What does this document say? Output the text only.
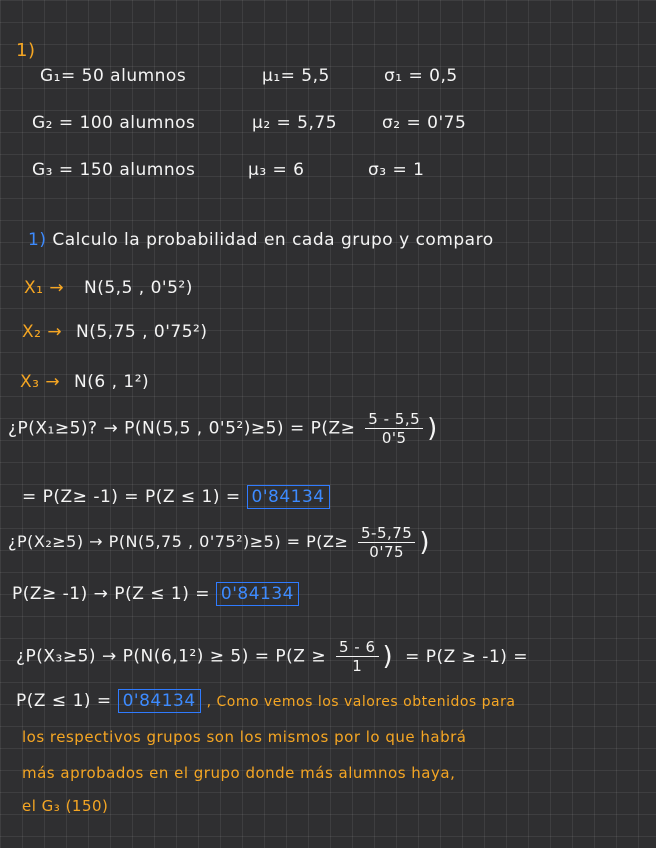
1)
G₁= 50 alumnos	μ₁= 5,5	σ₁ = 0,5
G₂ = 100 alumnos	μ₂ = 5,75	σ₂ = 0'75
G₃ = 150 alumnos	μ₃ = 6	σ₃ = 1
1) Calculo la probabilidad en cada grupo y comparo
X₁ → N(5,5 , 0'5²)
X₂ → N(5,75 , 0'75²)
X₃ → N(6 , 1²)
¿P(X₁≥5)? → P(N(5,5 , $0'5^2)\ge 5) = P(Z\ge \frac{5 - 5,5}{0'5}$ )
= P(Z≥ -1) = P(Z ≤ 1) = 0'84134
¿P(X₂≥5) → P(N(5,75 , $0'75^2)\ge 5) = P(Z\ge \frac{5-5,75}{0'75}$ )
P(Z≥ -1) → P(Z ≤ 1) = 0'84134
¿$P(X_3\ge 5) \to P(N(6,1^2) \ge 5) = P(Z \ge \frac{5 - 6}{1}$ ) = P(Z ≥ -1) =
P(Z ≤ 1) = 0'84134 , Como vemos los valores obtenidos para
los respectivos grupos son los mismos por lo que habrá
más aprobados en el grupo donde más alumnos haya,
el G₃ (150)
